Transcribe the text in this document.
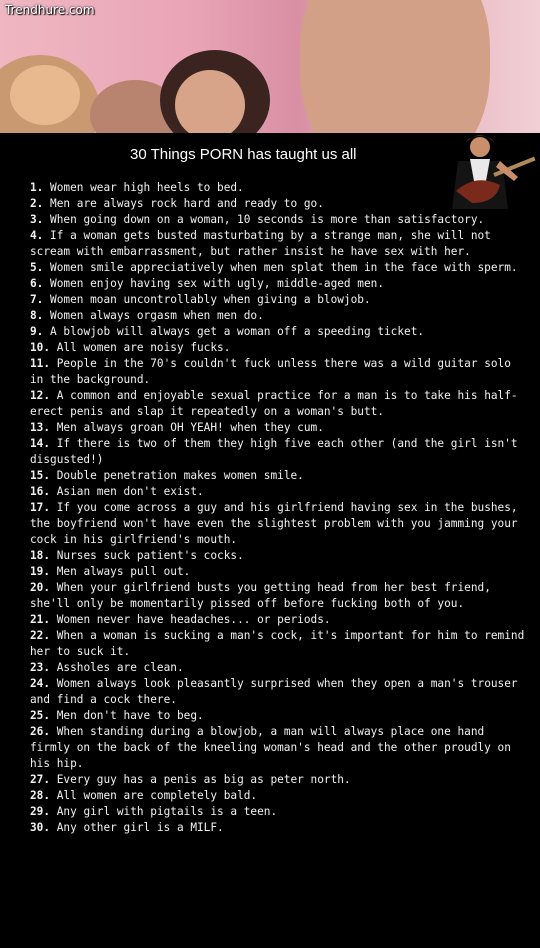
Trendhure.com
30 Things PORN has taught us all
1. Women wear high heels to bed.
2. Men are always rock hard and ready to go.
3. When going down on a woman, 10 seconds is more than satisfactory.
4. If a woman gets busted masturbating by a strange man, she will not scream with embarrassment, but rather insist he have sex with her.
5. Women smile appreciatively when men splat them in the face with sperm.
6. Women enjoy having sex with ugly, middle-aged men.
7. Women moan uncontrollably when giving a blowjob.
8. Women always orgasm when men do.
9. A blowjob will always get a woman off a speeding ticket.
10. All women are noisy fucks.
11. People in the 70's couldn't fuck unless there was a wild guitar solo in the background.
12. A common and enjoyable sexual practice for a man is to take his half-erect penis and slap it repeatedly on a woman's butt.
13. Men always groan OH YEAH! when they cum.
14. If there is two of them they high five each other (and the girl isn't disgusted!)
15. Double penetration makes women smile.
16. Asian men don't exist.
17. If you come across a guy and his girlfriend having sex in the bushes, the boyfriend won't have even the slightest problem with you jamming your cock in his girlfriend's mouth.
18. Nurses suck patient's cocks.
19. Men always pull out.
20. When your girlfriend busts you getting head from her best friend, she'll only be momentarily pissed off before fucking both of you.
21. Women never have headaches... or periods.
22. When a woman is sucking a man's cock, it's important for him to remind her to suck it.
23. Assholes are clean.
24. Women always look pleasantly surprised when they open a man's trouser and find a cock there.
25. Men don't have to beg.
26. When standing during a blowjob, a man will always place one hand firmly on the back of the kneeling woman's head and the other proudly on his hip.
27. Every guy has a penis as big as peter north.
28. All women are completely bald.
29. Any girl with pigtails is a teen.
30. Any other girl is a MILF.
